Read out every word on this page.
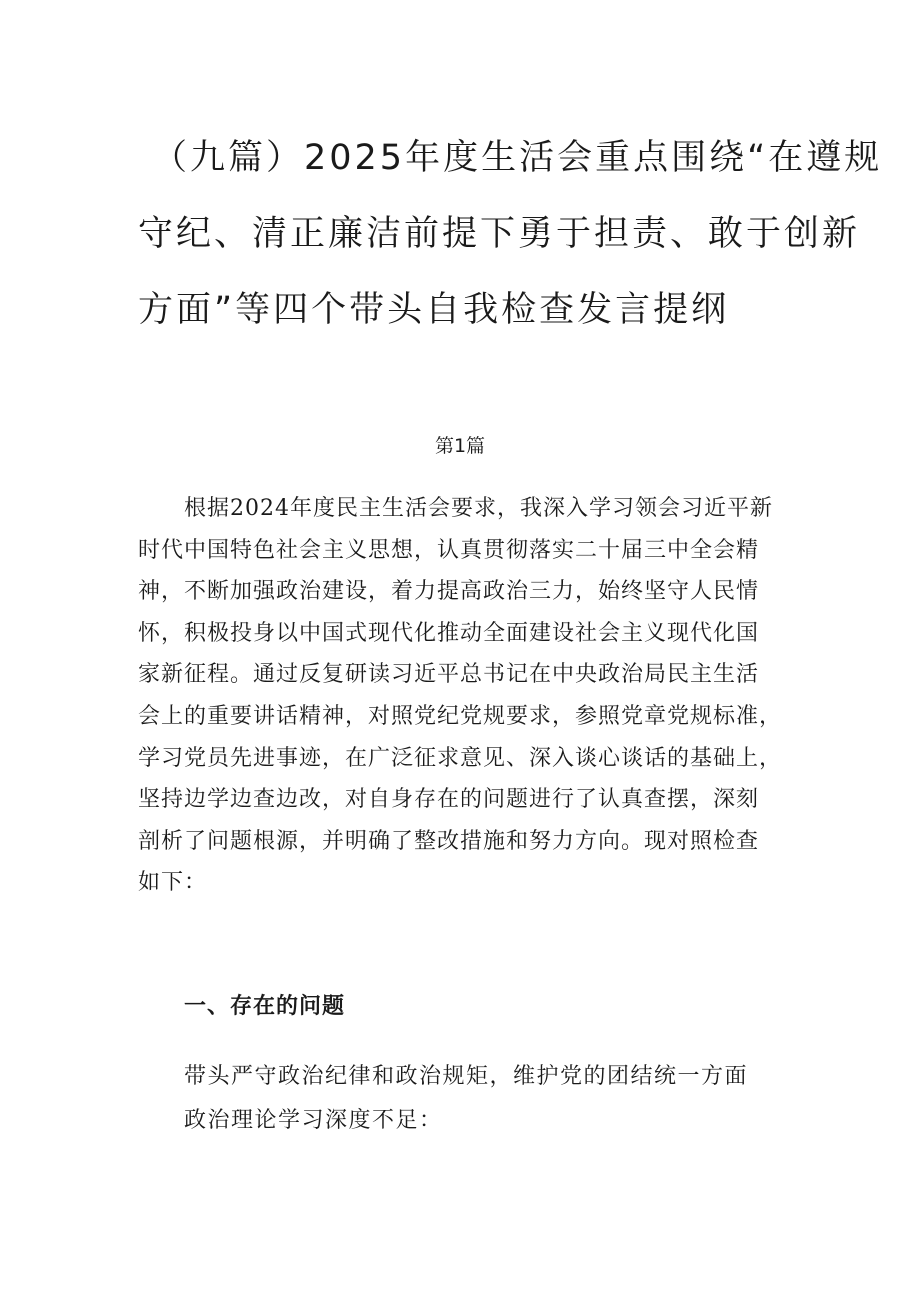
（九篇）2025年度生活会重点围绕“在遵规
守纪、清正廉洁前提下勇于担责、敢于创新
方面”等四个带头自我检查发言提纲
第1篇

根据2024年度民主生活会要求，我深入学习领会习近平新
时代中国特色社会主义思想，认真贯彻落实二十届三中全会精
神，不断加强政治建设，着力提高政治三力，始终坚守人民情
怀，积极投身以中国式现代化推动全面建设社会主义现代化国
家新征程。通过反复研读习近平总书记在中央政治局民主生活
会上的重要讲话精神，对照党纪党规要求，参照党章党规标准，
学习党员先进事迹，在广泛征求意见、深入谈心谈话的基础上，
坚持边学边查边改，对自身存在的问题进行了认真查摆，深刻
剖析了问题根源，并明确了整改措施和努力方向。现对照检查
如下：

一、存在的问题

带头严守政治纪律和政治规矩，维护党的团结统一方面
政治理论学习深度不足：
